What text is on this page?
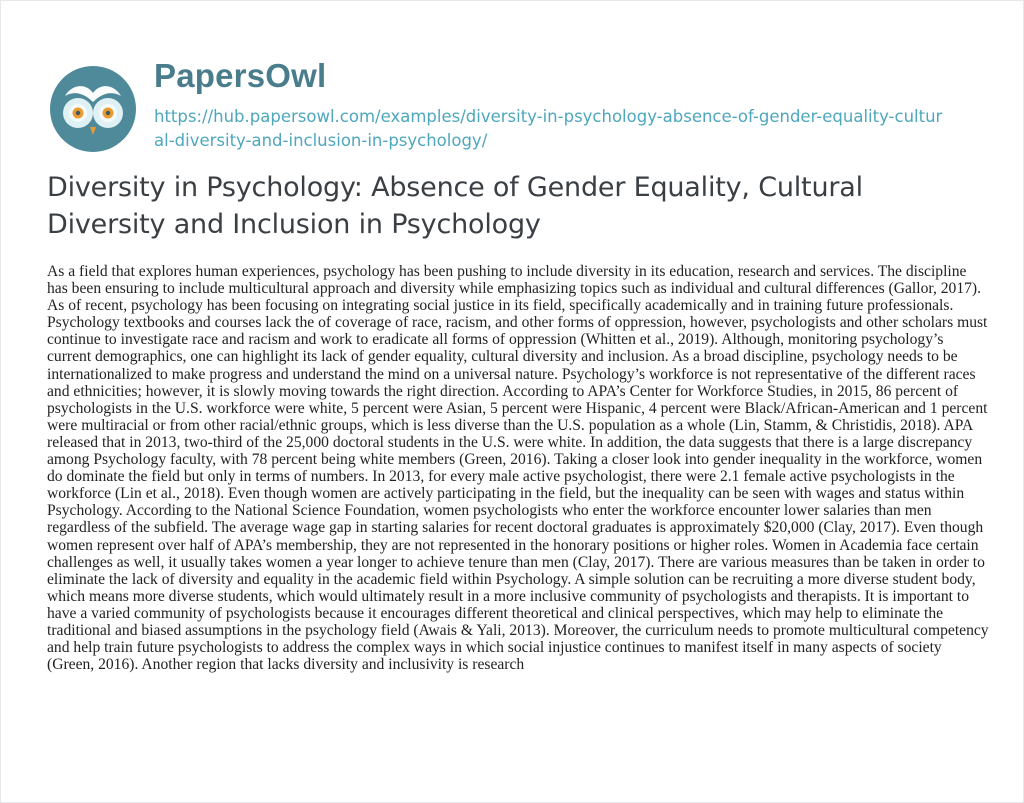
PapersOwl
https://hub.papersowl.com/examples/diversity-in-psychology-absence-of-gender-equality-cultural-diversity-and-inclusion-in-psychology/
Diversity in Psychology: Absence of Gender Equality, Cultural Diversity and Inclusion in Psychology

As a field that explores human experiences, psychology has been pushing to include diversity in its education, research and services. The discipline has been ensuring to include multicultural approach and diversity while emphasizing topics such as individual and cultural differences (Gallor, 2017). As of recent, psychology has been focusing on integrating social justice in its field, specifically academically and in training future professionals. Psychology textbooks and courses lack the of coverage of race, racism, and other forms of oppression, however, psychologists and other scholars must continue to investigate race and racism and work to eradicate all forms of oppression (Whitten et al., 2019). Although, monitoring psychology’s current demographics, one can highlight its lack of gender equality, cultural diversity and inclusion. As a broad discipline, psychology needs to be internationalized to make progress and understand the mind on a universal nature. Psychology’s workforce is not representative of the different races and ethnicities; however, it is slowly moving towards the right direction. According to APA’s Center for Workforce Studies, in 2015, 86 percent of psychologists in the U.S. workforce were white, 5 percent were Asian, 5 percent were Hispanic, 4 percent were Black/African-American and 1 percent were multiracial or from other racial/ethnic groups, which is less diverse than the U.S. population as a whole (Lin, Stamm, & Christidis, 2018). APA released that in 2013, two-third of the 25,000 doctoral students in the U.S. were white. In addition, the data suggests that there is a large discrepancy among Psychology faculty, with 78 percent being white members (Green, 2016). Taking a closer look into gender inequality in the workforce, women do dominate the field but only in terms of numbers. In 2013, for every male active psychologist, there were 2.1 female active psychologists in the workforce (Lin et al., 2018). Even though women are actively participating in the field, but the inequality can be seen with wages and status within Psychology. According to the National Science Foundation, women psychologists who enter the workforce encounter lower salaries than men regardless of the subfield. The average wage gap in starting salaries for recent doctoral graduates is approximately $20,000 (Clay, 2017). Even though women represent over half of APA’s membership, they are not represented in the honorary positions or higher roles. Women in Academia face certain challenges as well, it usually takes women a year longer to achieve tenure than men (Clay, 2017). There are various measures than be taken in order to eliminate the lack of diversity and equality in the academic field within Psychology. A simple solution can be recruiting a more diverse student body, which means more diverse students, which would ultimately result in a more inclusive community of psychologists and therapists. It is important to have a varied community of psychologists because it encourages different theoretical and clinical perspectives, which may help to eliminate the traditional and biased assumptions in the psychology field (Awais & Yali, 2013). Moreover, the curriculum needs to promote multicultural competency and help train future psychologists to address the complex ways in which social injustice continues to manifest itself in many aspects of society (Green, 2016). Another region that lacks diversity and inclusivity is research
